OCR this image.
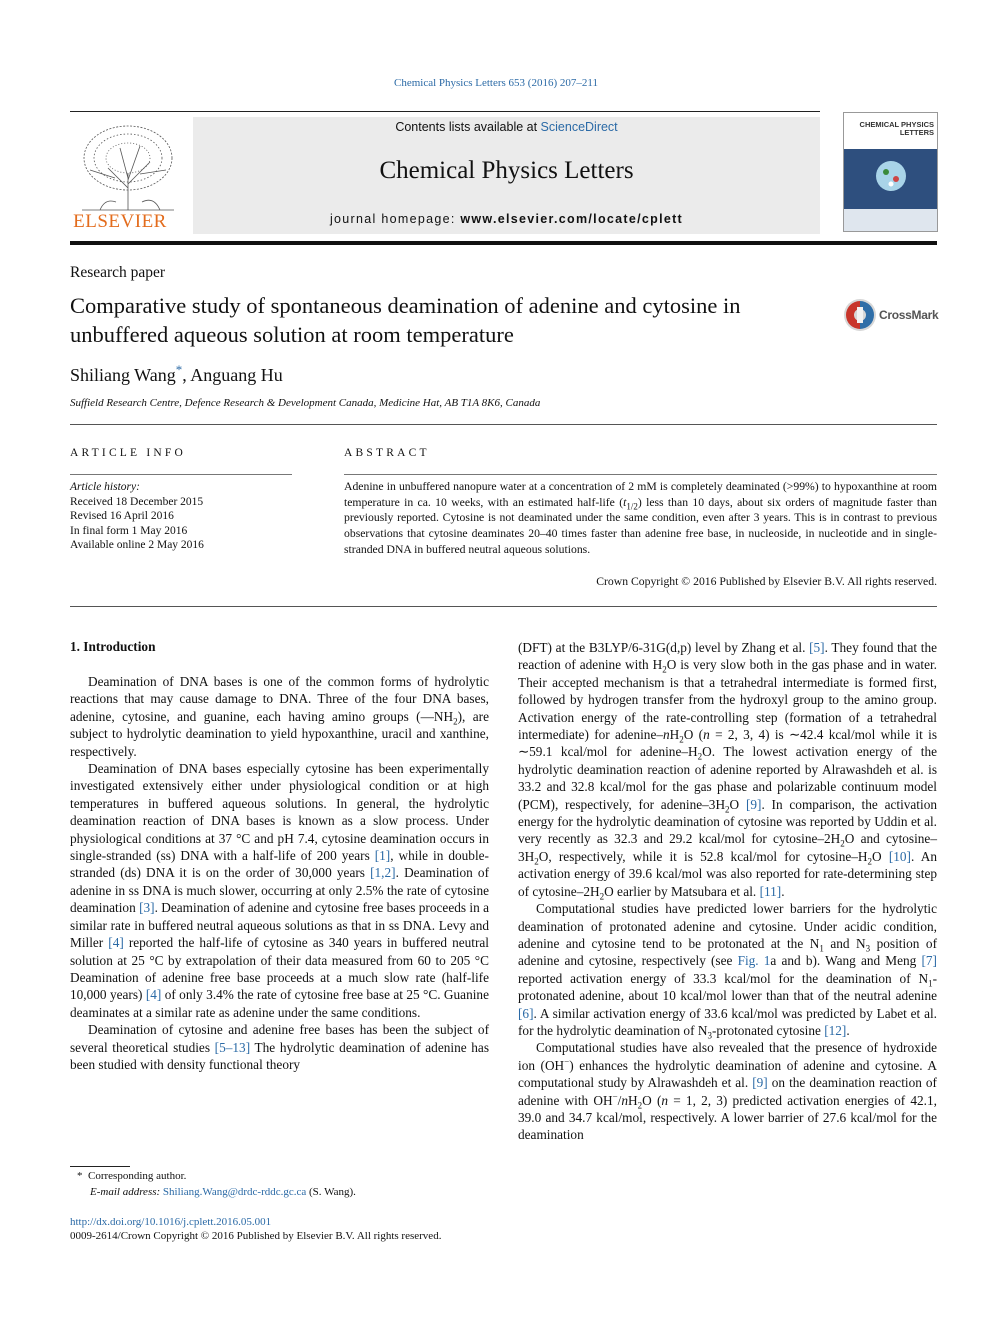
Chemical Physics Letters 653 (2016) 207–211
ELSEVIER
Contents lists available at ScienceDirect
Chemical Physics Letters
journal homepage: www.elsevier.com/locate/cplett
CHEMICAL PHYSICS LETTERS
Research paper
Comparative study of spontaneous deamination of adenine and cytosine in unbuffered aqueous solution at room temperature
CrossMark
Shiliang Wang*, Anguang Hu
Suffield Research Centre, Defence Research & Development Canada, Medicine Hat, AB T1A 8K6, Canada
ARTICLE INFO	ABSTRACT
Article history:
Received 18 December 2015
Revised 16 April 2016
In final form 1 May 2016
Available online 2 May 2016
Adenine in unbuffered nanopure water at a concentration of 2 mM is completely deaminated (>99%) to hypoxanthine at room temperature in ca. 10 weeks, with an estimated half-life $(t_{1/2})$ less than 10 days, about six orders of magnitude faster than previously reported. Cytosine is not deaminated under the same condition, even after 3 years. This is in contrast to previous observations that cytosine deaminates 20–40 times faster than adenine free base, in nucleoside, in nucleotide and in single-stranded DNA in buffered neutral aqueous solutions.
Crown Copyright © 2016 Published by Elsevier B.V. All rights reserved.
1. Introduction

Deamination of DNA bases is one of the common forms of hydrolytic reactions that may cause damage to DNA. Three of the four DNA bases, adenine, cytosine, and guanine, each having amino groups $(—NH_2)$, are subject to hydrolytic deamination to yield hypoxanthine, uracil and xanthine, respectively.

Deamination of DNA bases especially cytosine has been experimentally investigated extensively either under physiological condition or at high temperatures in buffered aqueous solutions. In general, the hydrolytic deamination reaction of DNA bases is known as a slow process. Under physiological conditions at 37 °C and pH 7.4, cytosine deamination occurs in single-stranded (ss) DNA with a half-life of 200 years [1], while in double-stranded (ds) DNA it is on the order of 30,000 years [1,2]. Deamination of adenine in ss DNA is much slower, occurring at only 2.5% the rate of cytosine deamination [3]. Deamination of adenine and cytosine free bases proceeds in a similar rate in buffered neutral aqueous solutions as that in ss DNA. Levy and Miller [4] reported the half-life of cytosine as 340 years in buffered neutral solution at 25 °C by extrapolation of their data measured from 60 to 205 °C Deamination of adenine free base proceeds at a much slow rate (half-life 10,000 years) [4] of only 3.4% the rate of cytosine free base at 25 °C. Guanine deaminates at a similar rate as adenine under the same conditions.

Deamination of cytosine and adenine free bases has been the subject of several theoretical studies [5–13] The hydrolytic deamination of adenine has been studied with density functional theory

(DFT) at the B3LYP/6-31G(d,p) level by Zhang et al. [5]. They found that the reaction of adenine with $H_2O$ is very slow both in the gas phase and in water. Their accepted mechanism is that a tetrahedral intermediate is formed first, followed by hydrogen transfer from the hydroxyl group to the amino group. Activation energy of the rate-controlling step (formation of a tetrahedral intermediate) for adenine–$nH_2O$ (n = 2, 3, 4) is ∼42.4 kcal/mol while it is ∼59.1 kcal/mol for adenine–$H_2O$. The lowest activation energy of the hydrolytic deamination reaction of adenine reported by Alrawashdeh et al. is 33.2 and 32.8 kcal/mol for the gas phase and polarizable continuum model (PCM), respectively, for adenine–$3H_2O$ [9]. In comparison, the activation energy for the hydrolytic deamination of cytosine was reported by Uddin et al. very recently as 32.3 and 29.2 kcal/mol for cytosine–$2H_2O$ and cytosine–$3H_2O$, respectively, while it is 52.8 kcal/mol for cytosine–$H_2O$ [10]. An activation energy of 39.6 kcal/mol was also reported for rate-determining step of cytosine–$2H_2O$ earlier by Matsubara et al. [11].

Computational studies have predicted lower barriers for the hydrolytic deamination of protonated adenine and cytosine. Under acidic condition, adenine and cytosine tend to be protonated at the $N_1$ and $N_3$ position of adenine and cytosine, respectively (see Fig. 1a and b). Wang and Meng [7] reported activation energy of 33.3 kcal/mol for the deamination of $N_1$-protonated adenine, about 10 kcal/mol lower than that of the neutral adenine [6]. A similar activation energy of 33.6 kcal/mol was predicted by Labet et al. for the hydrolytic deamination of $N_3$-protonated cytosine [12].

Computational studies have also revealed that the presence of hydroxide ion (OH−) enhances the hydrolytic deamination of adenine and cytosine. A computational study by Alrawashdeh et al. [9] on the deamination reaction of adenine with $OH^-/nH_2O$ (n = 1, 2, 3) predicted activation energies of 42.1, 39.0 and 34.7 kcal/mol, respectively. A lower barrier of 27.6 kcal/mol for the deamination

* Corresponding author.
E-mail address: Shiliang.Wang@drdc-rddc.gc.ca (S. Wang).
http://dx.doi.org/10.1016/j.cplett.2016.05.001
0009-2614/Crown Copyright © 2016 Published by Elsevier B.V. All rights reserved.
